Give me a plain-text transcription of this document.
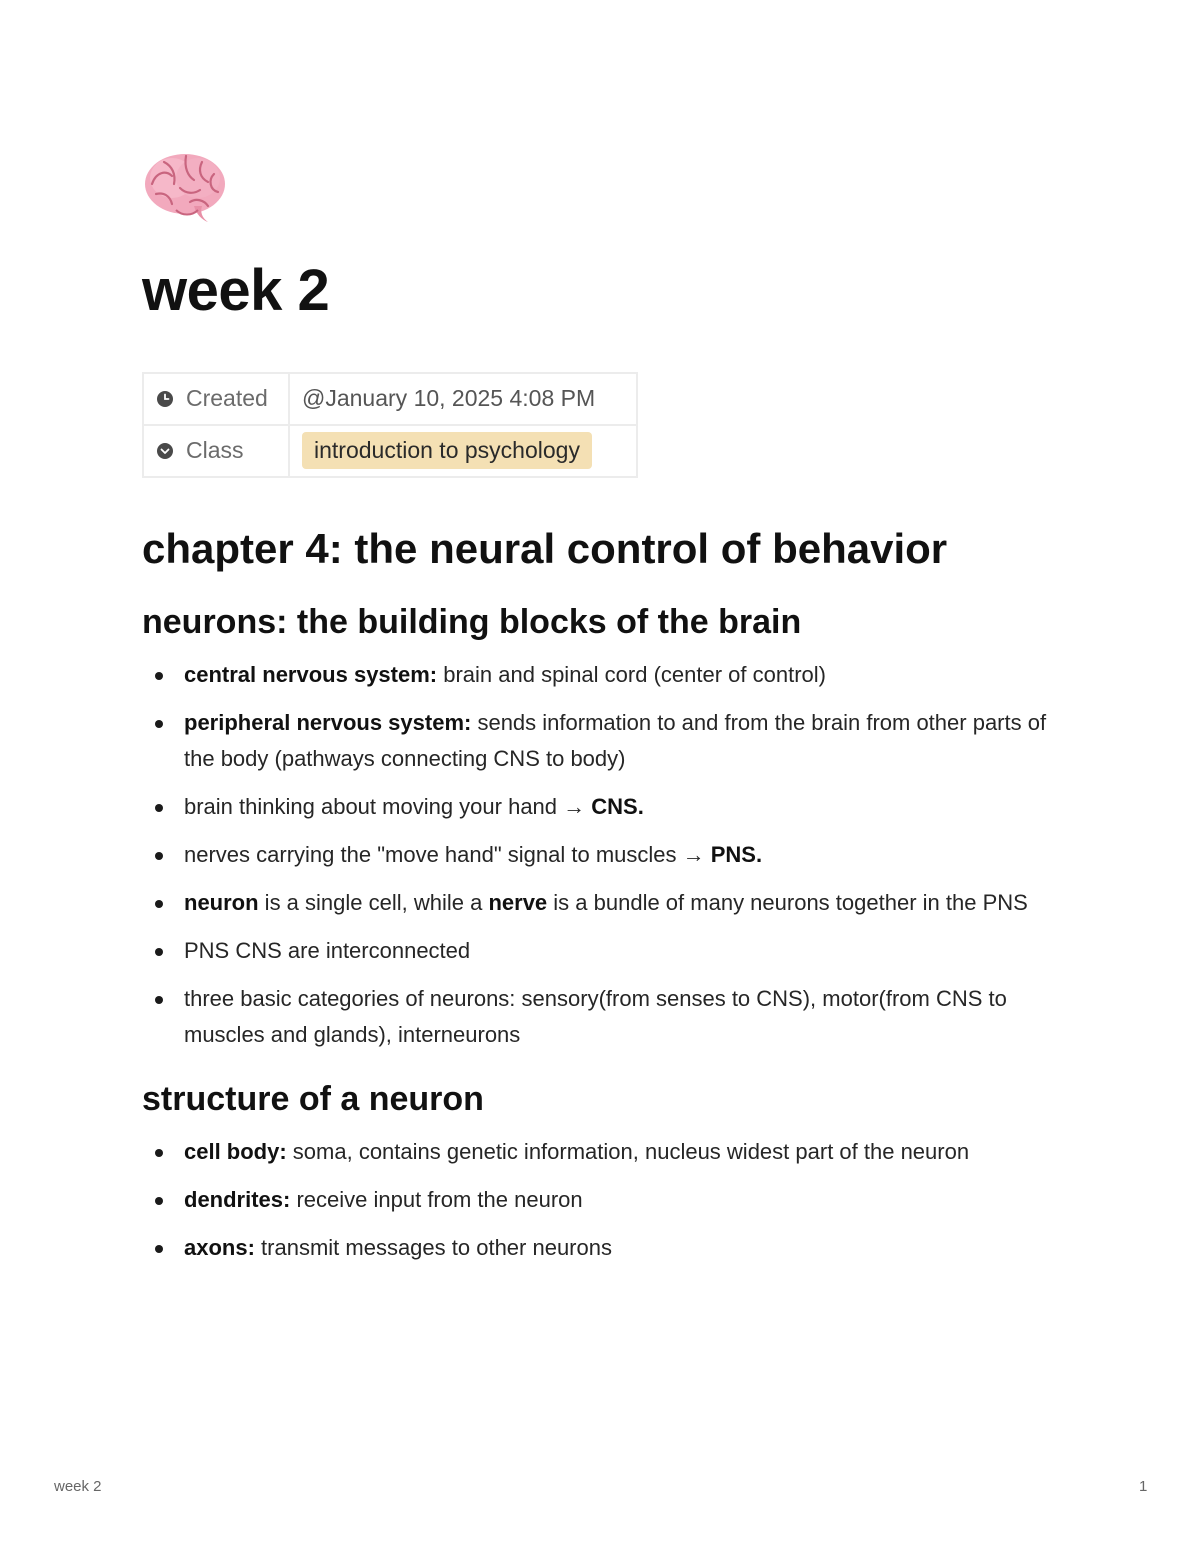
week 2
Created	@January 10, 2025 4:08 PM

Class	introduction to psychology
chapter 4: the neural control of behavior
neurons: the building blocks of the brain
central nervous system: brain and spinal cord (center of control)
peripheral nervous system: sends information to and from the brain from other parts of the body (pathways connecting CNS to body)
brain thinking about moving your hand → CNS.
nerves carrying the "move hand" signal to muscles → PNS.
neuron is a single cell, while a nerve is a bundle of many neurons together in the PNS
PNS CNS are interconnected
three basic categories of neurons: sensory(from senses to CNS), motor(from CNS to muscles and glands), interneurons
structure of a neuron
cell body: soma, contains genetic information, nucleus widest part of the neuron
dendrites: receive input from the neuron
axons: transmit messages to other neurons
week 2	1
